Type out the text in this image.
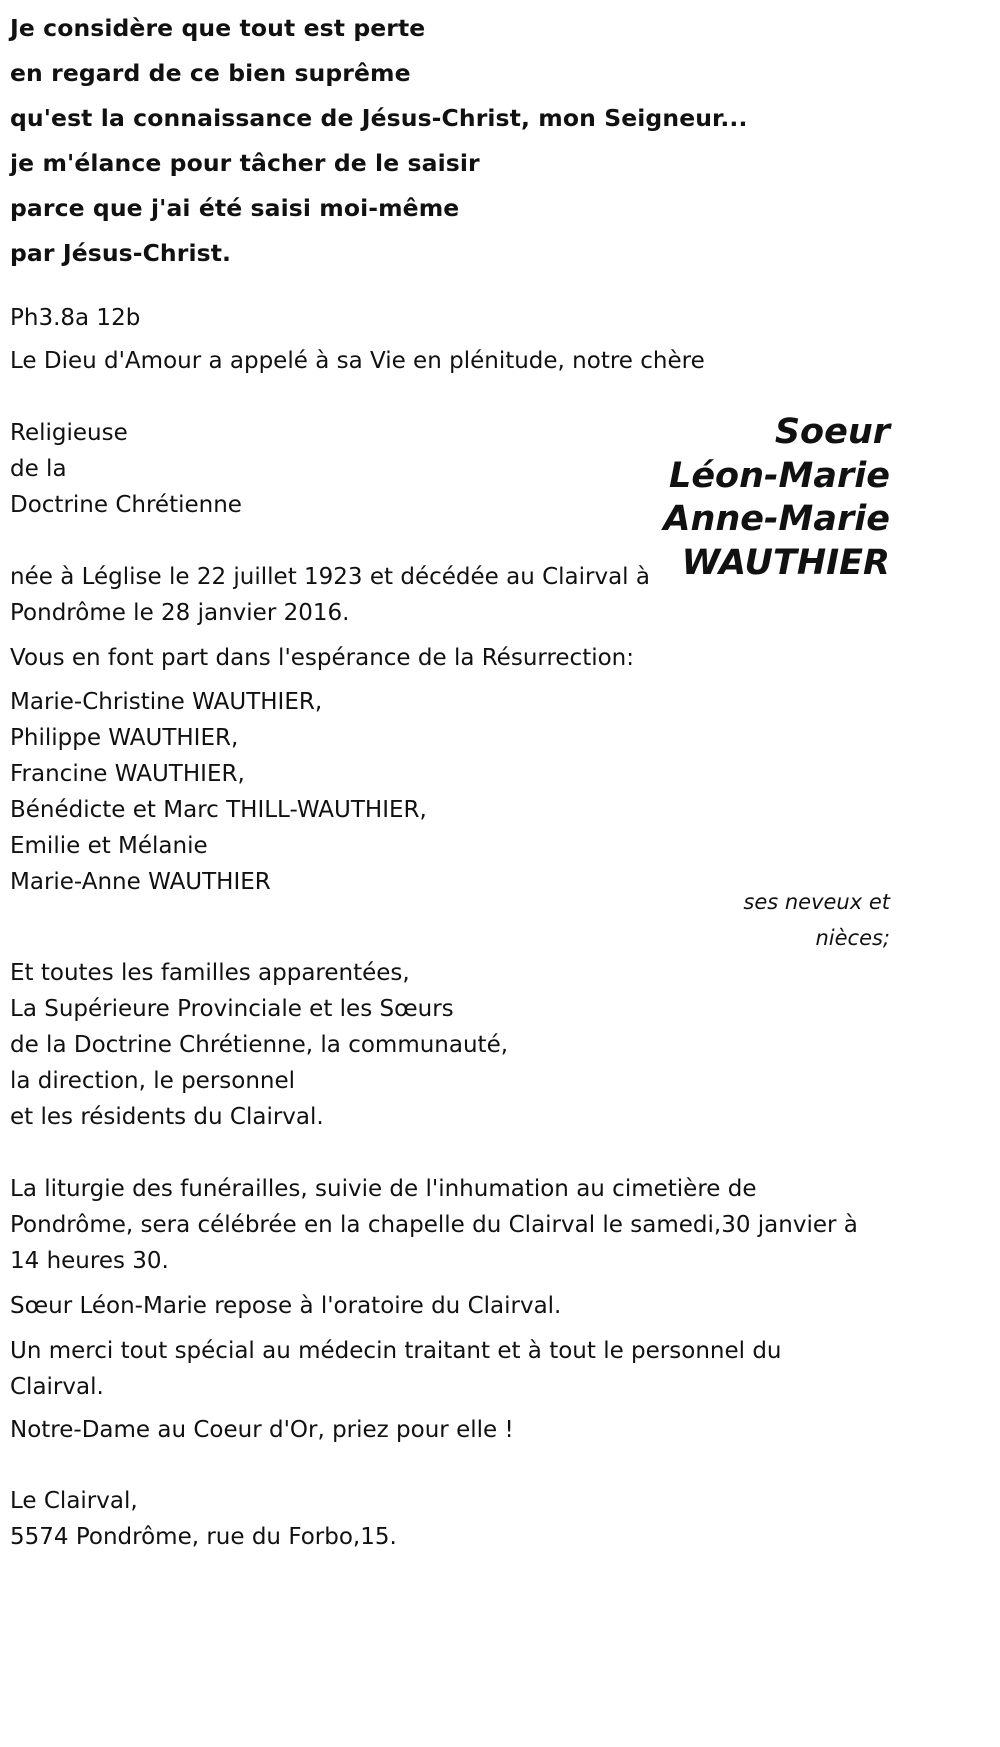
Je considère que tout est perte
en regard de ce bien suprême
qu'est la connaissance de Jésus-Christ, mon Seigneur...
je m'élance pour tâcher de le saisir
parce que j'ai été saisi moi-même
par Jésus-Christ.
Ph3.8a 12b
Le Dieu d'Amour a appelé à sa Vie en plénitude, notre chère
Religieuse
de la
Doctrine Chrétienne
Soeur
Léon-Marie
Anne-Marie
WAUTHIER
née à Léglise le 22 juillet 1923 et décédée au Clairval à
Pondrôme le 28 janvier 2016.
Vous en font part dans l'espérance de la Résurrection:
Marie-Christine WAUTHIER,
Philippe WAUTHIER,
Francine WAUTHIER,
Bénédicte et Marc THILL-WAUTHIER,
Emilie et Mélanie
Marie-Anne WAUTHIER
ses neveux et
nièces;
Et toutes les familles apparentées,
La Supérieure Provinciale et les Sœurs
de la Doctrine Chrétienne, la communauté,
la direction, le personnel
et les résidents du Clairval.
La liturgie des funérailles, suivie de l'inhumation au cimetière de
Pondrôme, sera célébrée en la chapelle du Clairval le samedi,30 janvier à
14 heures 30.
Sœur Léon-Marie repose à l'oratoire du Clairval.
Un merci tout spécial au médecin traitant et à tout le personnel du
Clairval.
Notre-Dame au Coeur d'Or, priez pour elle !
Le Clairval,
5574 Pondrôme, rue du Forbo,15.
